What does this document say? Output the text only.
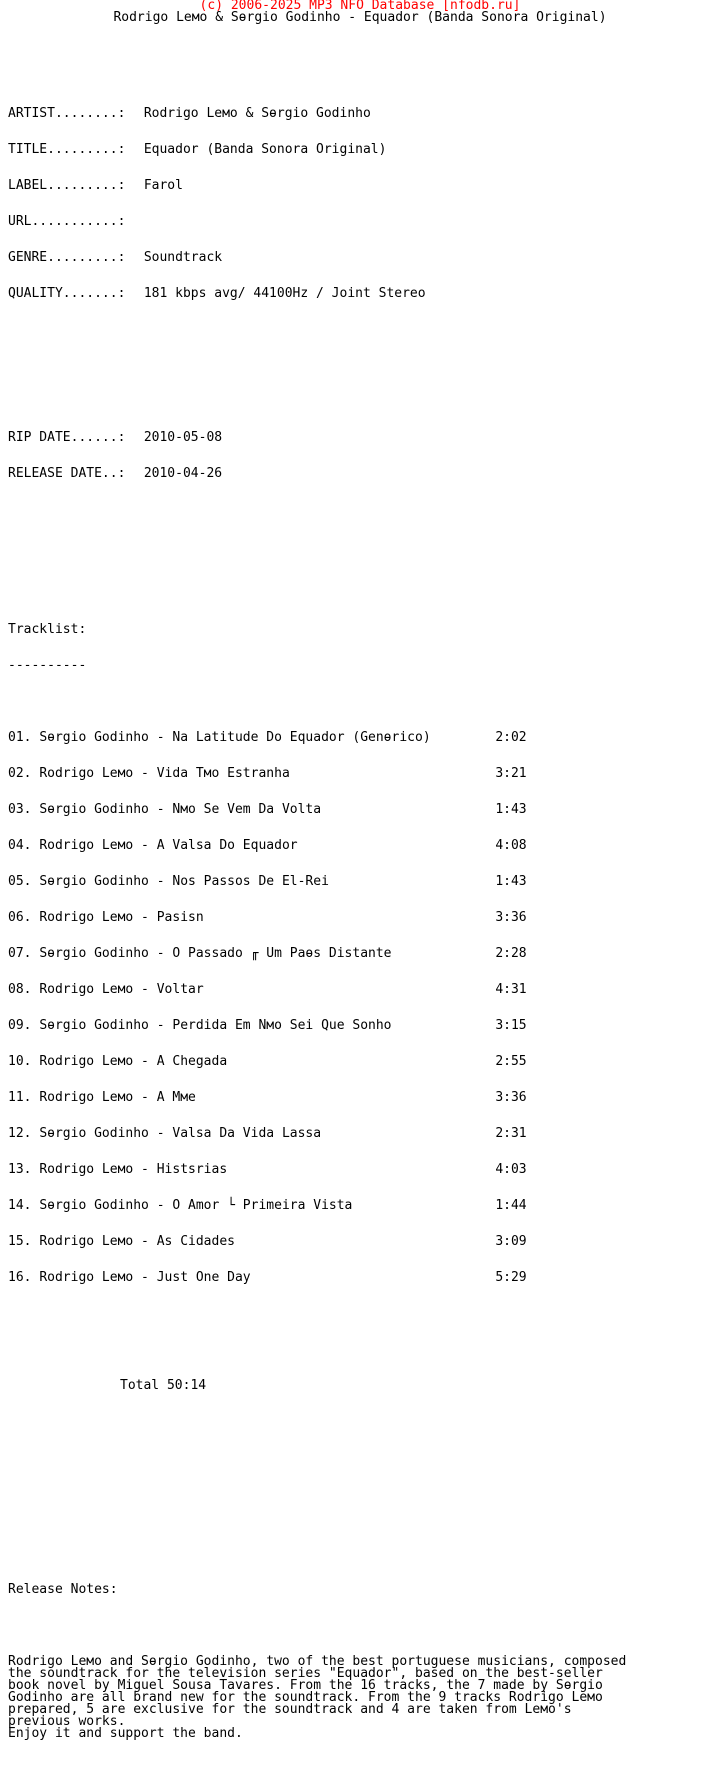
(c) 2006-2025 MP3 NFO Database [nfodb.ru]
Rodrigo Leмo & Sѳrgio Godinho - Equador (Banda Sonora Original)

ARTIST........: Rodrigo Leмo & Sѳrgio Godinho

TITLE.........: Equador (Banda Sonora Original)

LABEL.........: Farol

URL...........:

GENRE.........: Soundtrack

QUALITY.......: 181 kbps avg/ 44100Hz / Joint Stereo

RIP DATE......: 2010-05-08

RELEASE DATE..: 2010-04-26

Tracklist:

----------

01. Sѳrgio Godinho - Na Latitude Do Equador (Genѳrico)	2:02

02. Rodrigo Leмo - Vida Tмo Estranha	3:21

03. Sѳrgio Godinho - Nмo Se Vem Da Volta	1:43

04. Rodrigo Leмo - A Valsa Do Equador	4:08

05. Sѳrgio Godinho - Nos Passos De El-Rei	1:43

06. Rodrigo Leмo - Pasiѕn	3:36

07. Sѳrgio Godinho - O Passado ╓ Um Paѳs Distante	2:28

08. Rodrigo Leмo - Voltar	4:31

09. Sѳrgio Godinho - Perdida Em Nмo Sei Que Sonho	3:15

10. Rodrigo Leмo - A Chegada	2:55

11. Rodrigo Leмo - A Mмe	3:36

12. Sѳrgio Godinho - Valsa Da Vida Lassa	2:31

13. Rodrigo Leмo - Histѕrias	4:03

14. Sѳrgio Godinho - O Amor └ Primeira Vista	1:44

15. Rodrigo Leмo - As Cidades	3:09

16. Rodrigo Leмo - Just One Day	5:29

Total 50:14

Release Notes:

Rodrigo Leмo and Sѳrgio Godinho, two of the best portuguese musicians, composed
the soundtrack for the television series "Equador", based on the best-seller
book novel by Miguel Sousa Tavares. From the 16 tracks, the 7 made by Sѳrgio
Godinho are all brand new for the soundtrack. From the 9 tracks Rodrigo Leмo
prepared, 5 are exclusive for the soundtrack and 4 are taken from Leмo's
previous works.
Enjoy it and support the band.
